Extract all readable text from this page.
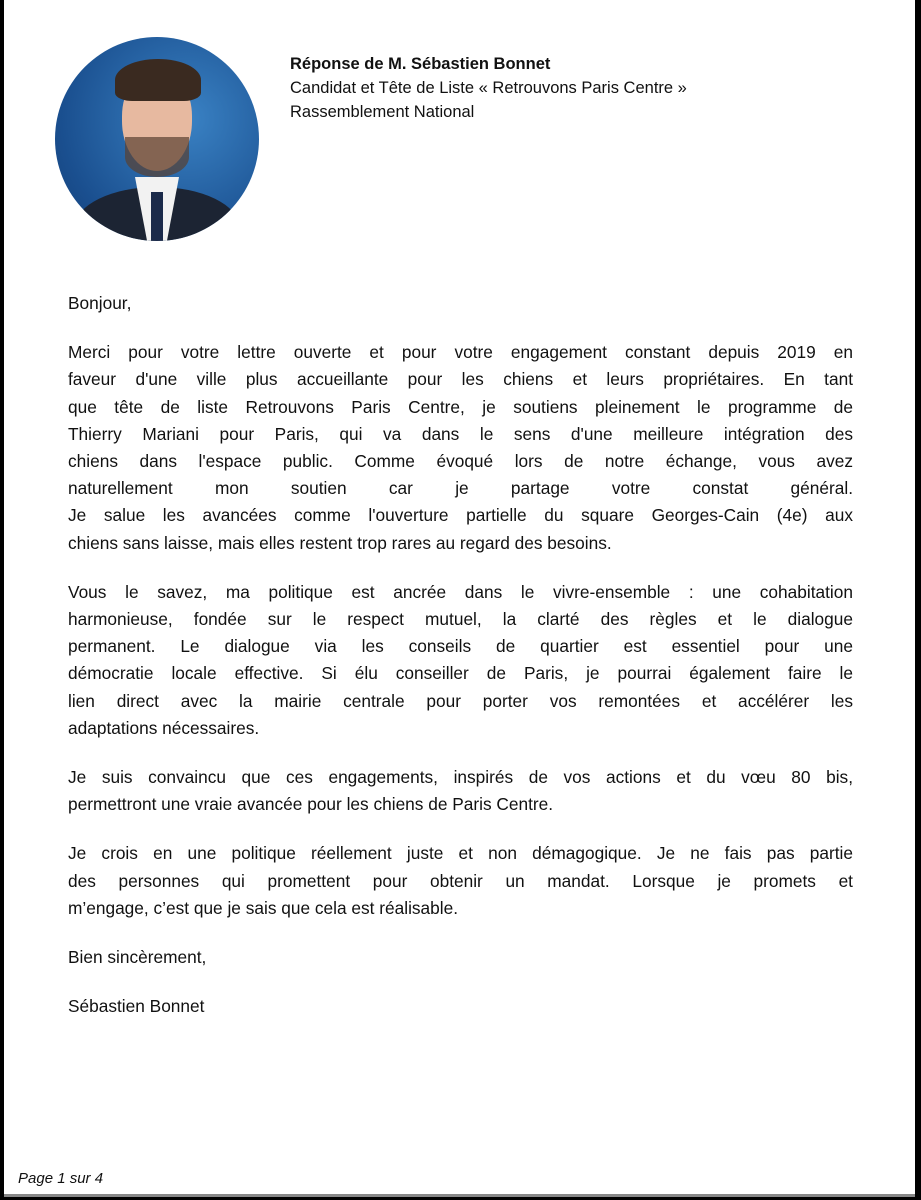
Réponse de M. Sébastien Bonnet
Candidat et Tête de Liste « Retrouvons Paris Centre »
Rassemblement National

Bonjour,

Merci pour votre lettre ouverte et pour votre engagement constant depuis 2019 en
faveur d'une ville plus accueillante pour les chiens et leurs propriétaires. En tant
que tête de liste Retrouvons Paris Centre, je soutiens pleinement le programme de
Thierry Mariani pour Paris, qui va dans le sens d'une meilleure intégration des
chiens dans l'espace public. Comme évoqué lors de notre échange, vous avez
naturellement mon soutien car je partage votre constat général.
Je salue les avancées comme l'ouverture partielle du square Georges-Cain (4e) aux
chiens sans laisse, mais elles restent trop rares au regard des besoins.

Vous le savez, ma politique est ancrée dans le vivre-ensemble : une cohabitation
harmonieuse, fondée sur le respect mutuel, la clarté des règles et le dialogue
permanent. Le dialogue via les conseils de quartier est essentiel pour une
démocratie locale effective. Si élu conseiller de Paris, je pourrai également faire le
lien direct avec la mairie centrale pour porter vos remontées et accélérer les
adaptations nécessaires.

Je suis convaincu que ces engagements, inspirés de vos actions et du vœu 80 bis,
permettront une vraie avancée pour les chiens de Paris Centre.

Je crois en une politique réellement juste et non démagogique. Je ne fais pas partie
des personnes qui promettent pour obtenir un mandat. Lorsque je promets et
m’engage, c’est que je sais que cela est réalisable.

Bien sincèrement,

Sébastien Bonnet

Page 1 sur 4
